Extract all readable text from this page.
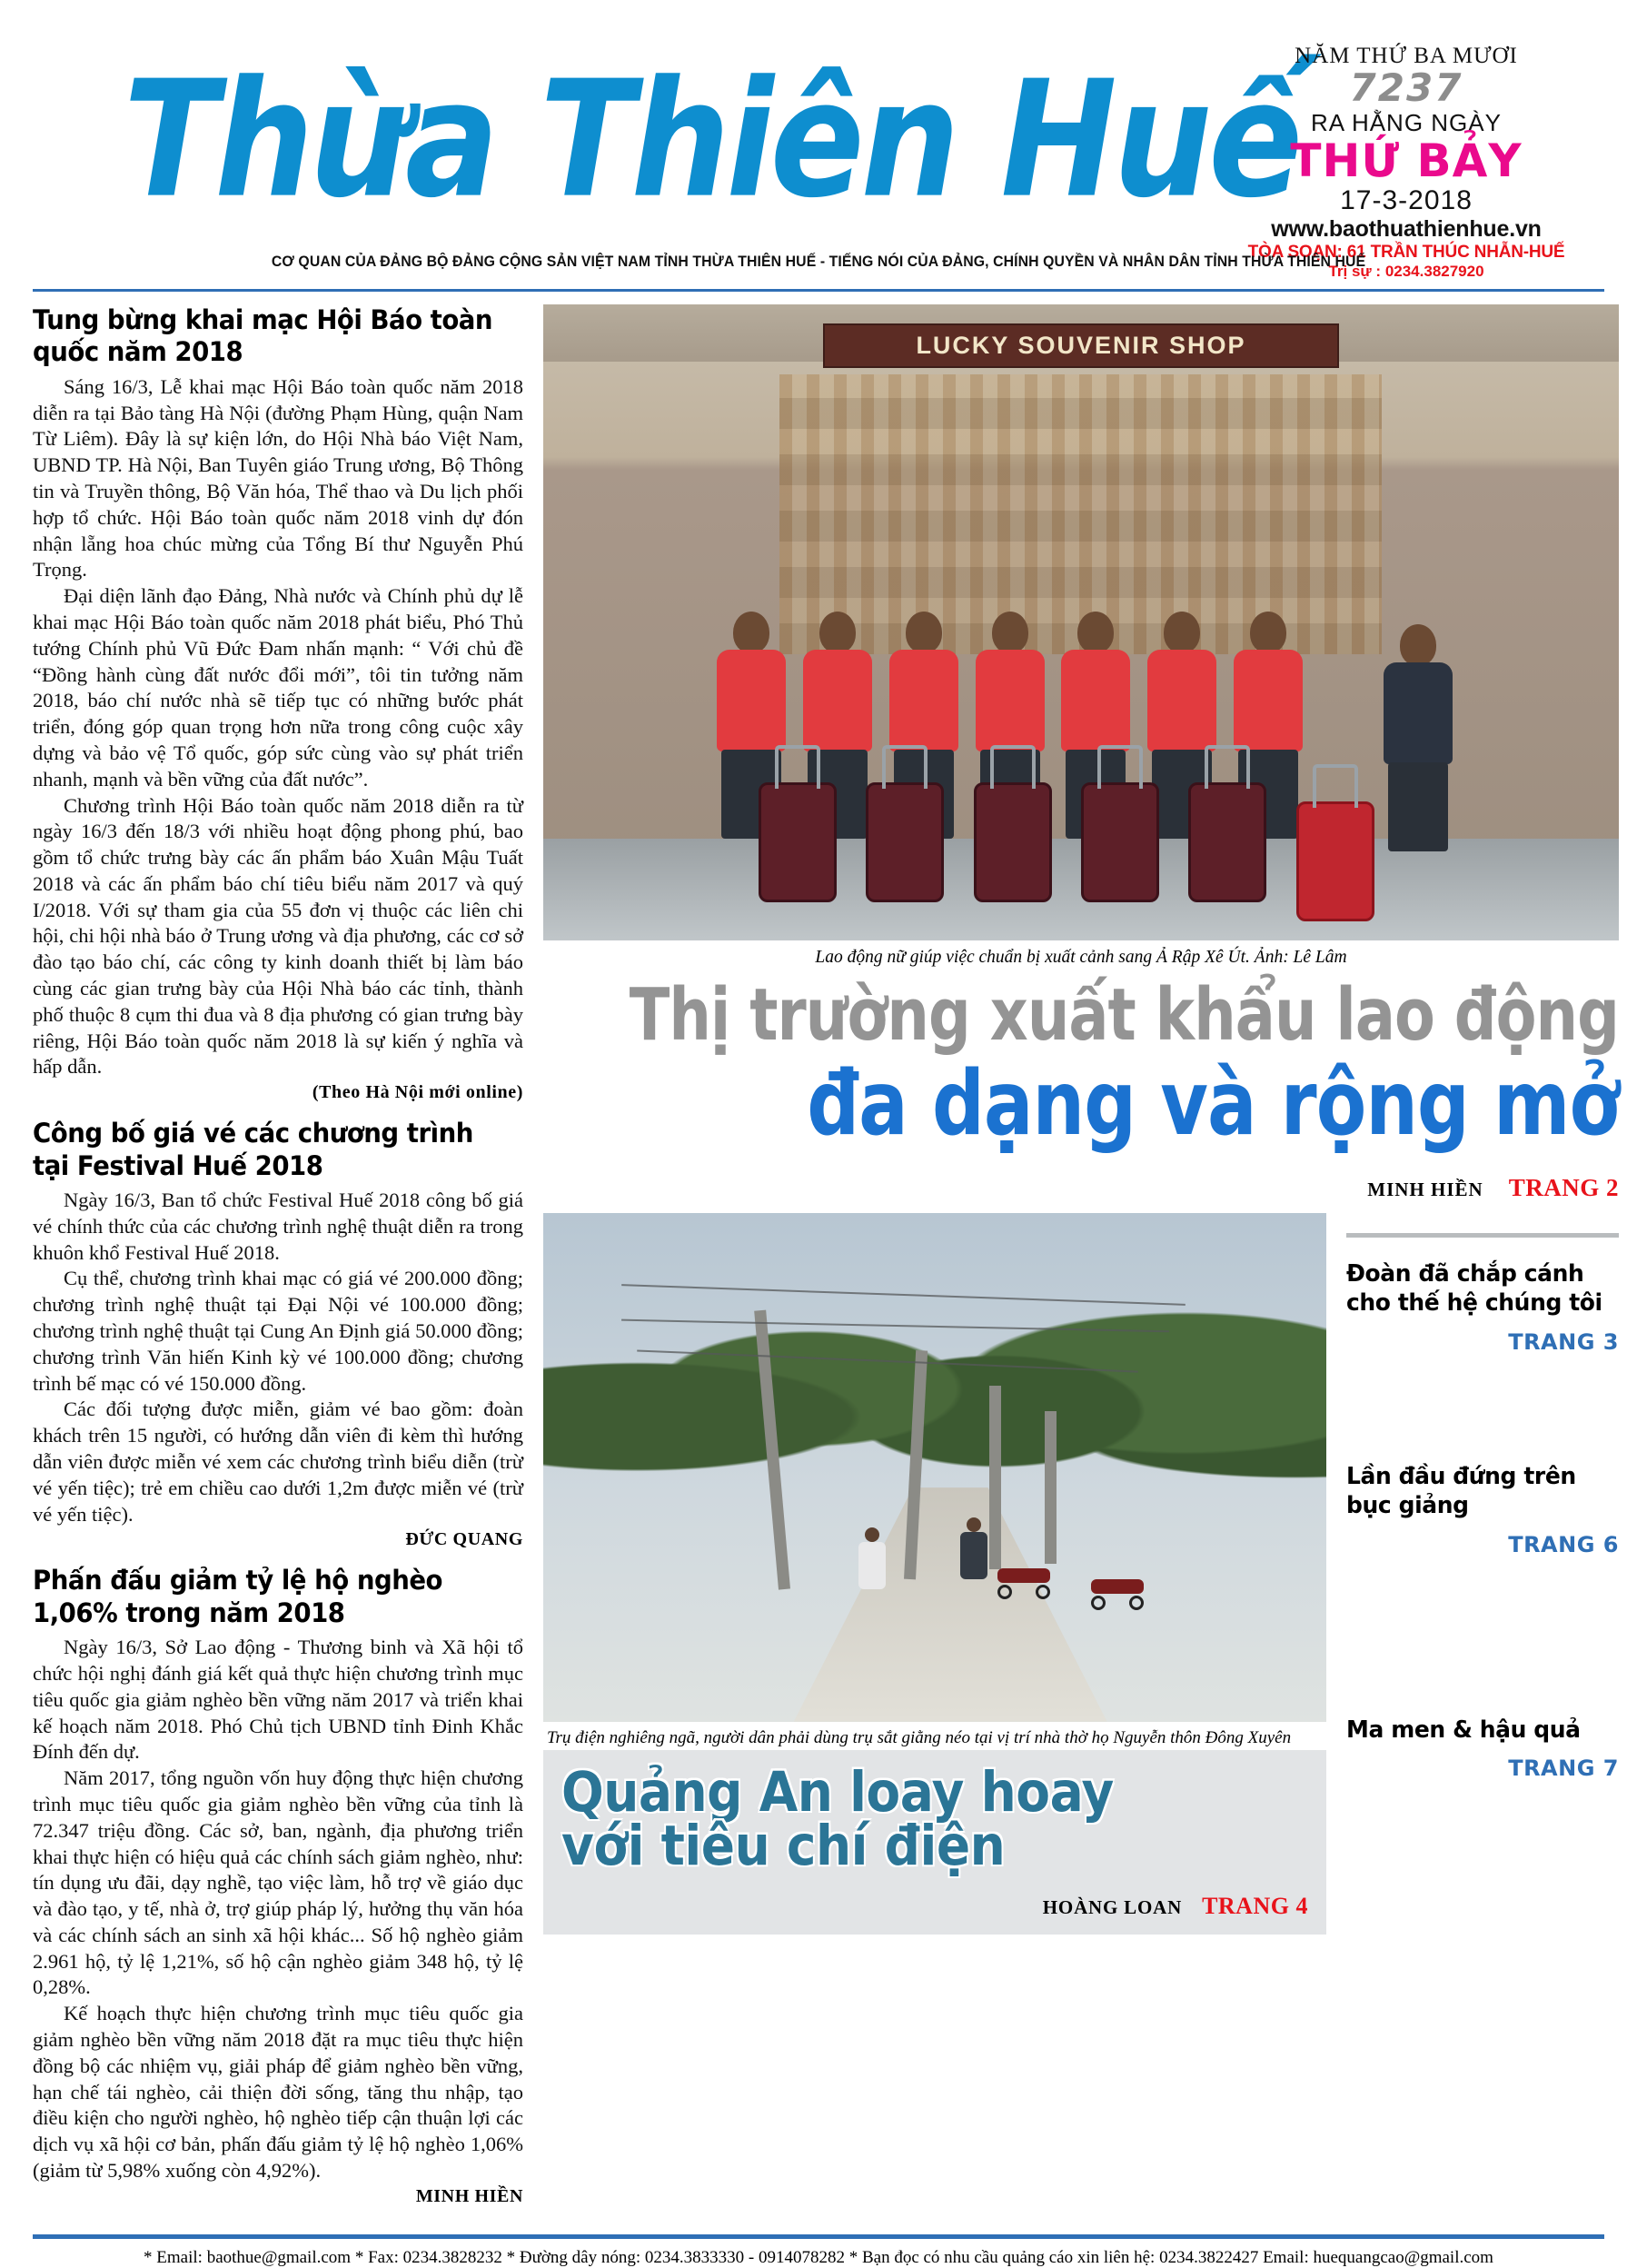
Thừa Thiên Huế
NĂM THỨ BA MƯƠI
7237
RA HẰNG NGÀY
THỨ BẢY
17-3-2018
www.baothuathienhue.vn
TÒA SOẠN: 61 TRẦN THÚC NHẪN-HUẾ
Trị sự : 0234.3827920
CƠ QUAN CỦA ĐẢNG BỘ ĐẢNG CỘNG SẢN VIỆT NAM TỈNH THỪA THIÊN HUẾ - TIẾNG NÓI CỦA ĐẢNG, CHÍNH QUYỀN VÀ NHÂN DÂN TỈNH THỪA THIÊN HUẾ
Tung bừng khai mạc Hội Báo toàn quốc năm 2018

Sáng 16/3, Lễ khai mạc Hội Báo toàn quốc năm 2018 diễn ra tại Bảo tàng Hà Nội (đường Phạm Hùng, quận Nam Từ Liêm). Đây là sự kiện lớn, do Hội Nhà báo Việt Nam, UBND TP. Hà Nội, Ban Tuyên giáo Trung ương, Bộ Thông tin và Truyền thông, Bộ Văn hóa, Thể thao và Du lịch phối hợp tổ chức. Hội Báo toàn quốc năm 2018 vinh dự đón nhận lẵng hoa chúc mừng của Tổng Bí thư Nguyễn Phú Trọng.

Đại diện lãnh đạo Đảng, Nhà nước và Chính phủ dự lễ khai mạc Hội Báo toàn quốc năm 2018 phát biểu, Phó Thủ tướng Chính phủ Vũ Đức Đam nhấn mạnh: “ Với chủ đề “Đồng hành cùng đất nước đổi mới”, tôi tin tưởng năm 2018, báo chí nước nhà sẽ tiếp tục có những bước phát triển, đóng góp quan trọng hơn nữa trong công cuộc xây dựng và bảo vệ Tổ quốc, góp sức cùng vào sự phát triển nhanh, mạnh và bền vững của đất nước”.

Chương trình Hội Báo toàn quốc năm 2018 diễn ra từ ngày 16/3 đến 18/3 với nhiều hoạt động phong phú, bao gồm tổ chức trưng bày các ấn phẩm báo Xuân Mậu Tuất 2018 và các ấn phẩm báo chí tiêu biểu năm 2017 và quý I/2018. Với sự tham gia của 55 đơn vị thuộc các liên chi hội, chi hội nhà báo ở Trung ương và địa phương, các cơ sở đào tạo báo chí, các công ty kinh doanh thiết bị làm báo cùng các gian trưng bày của Hội Nhà báo các tỉnh, thành phố thuộc 8 cụm thi đua và 8 địa phương có gian trưng bày riêng, Hội Báo toàn quốc năm 2018 là sự kiến ý nghĩa và hấp dẫn.

(Theo Hà Nội mới online)
Công bố giá vé các chương trình tại Festival Huế 2018

Ngày 16/3, Ban tổ chức Festival Huế 2018 công bố giá vé chính thức của các chương trình nghệ thuật diễn ra trong khuôn khổ Festival Huế 2018.

Cụ thể, chương trình khai mạc có giá vé 200.000 đồng; chương trình nghệ thuật tại Đại Nội vé 100.000 đồng; chương trình nghệ thuật tại Cung An Định giá 50.000 đồng; chương trình Văn hiến Kinh kỳ vé 100.000 đồng; chương trình bế mạc có vé 150.000 đồng.

Các đối tượng được miễn, giảm vé bao gồm: đoàn khách trên 15 người, có hướng dẫn viên đi kèm thì hướng dẫn viên được miễn vé xem các chương trình biểu diễn (trừ vé yến tiệc); trẻ em chiều cao dưới 1,2m được miễn vé (trừ vé yến tiệc).

ĐỨC QUANG
Phấn đấu giảm tỷ lệ hộ nghèo 1,06% trong năm 2018

Ngày 16/3, Sở Lao động - Thương binh và Xã hội tổ chức hội nghị đánh giá kết quả thực hiện chương trình mục tiêu quốc gia giảm nghèo bền vững năm 2017 và triển khai kế hoạch năm 2018. Phó Chủ tịch UBND tỉnh Đinh Khắc Đính đến dự.

Năm 2017, tổng nguồn vốn huy động thực hiện chương trình mục tiêu quốc gia giảm nghèo bền vững của tỉnh là 72.347 triệu đồng. Các sở, ban, ngành, địa phương triển khai thực hiện có hiệu quả các chính sách giảm nghèo, như: tín dụng ưu đãi, dạy nghề, tạo việc làm, hỗ trợ về giáo dục và đào tạo, y tế, nhà ở, trợ giúp pháp lý, hưởng thụ văn hóa và các chính sách an sinh xã hội khác... Số hộ nghèo giảm 2.961 hộ, tỷ lệ 1,21%, số hộ cận nghèo giảm 348 hộ, tỷ lệ 0,28%.

Kế hoạch thực hiện chương trình mục tiêu quốc gia giảm nghèo bền vững năm 2018 đặt ra mục tiêu thực hiện đồng bộ các nhiệm vụ, giải pháp để giảm nghèo bền vững, hạn chế tái nghèo, cải thiện đời sống, tăng thu nhập, tạo điều kiện cho người nghèo, hộ nghèo tiếp cận thuận lợi các dịch vụ xã hội cơ bản, phấn đấu giảm tỷ lệ hộ nghèo 1,06% (giảm từ 5,98% xuống còn 4,92%).

MINH HIỀN
LUCKY SOUVENIR SHOP
Lao động nữ giúp việc chuẩn bị xuất cảnh sang Ả Rập Xê Út. Ảnh: Lê Lâm
Thị trường xuất khẩu lao động
đa dạng và rộng mở
MINH HIỀN TRANG 2
Trụ điện nghiêng ngã, người dân phải dùng trụ sắt giằng néo tại vị trí nhà thờ họ Nguyễn thôn Đông Xuyên
Quảng An loay hoay
với tiêu chí điện
HOÀNG LOAN TRANG 4
Đoàn đã chắp cánh
cho thế hệ chúng tôi
TRANG 3
Lần đầu đứng trên bục giảng
TRANG 6
Ma men & hậu quả
TRANG 7
* Email: baothue@gmail.com * Fax: 0234.3828232 * Đường dây nóng: 0234.3833330 - 0914078282 * Bạn đọc có nhu cầu quảng cáo xin liên hệ: 0234.3822427 Email: huequangcao@gmail.com
